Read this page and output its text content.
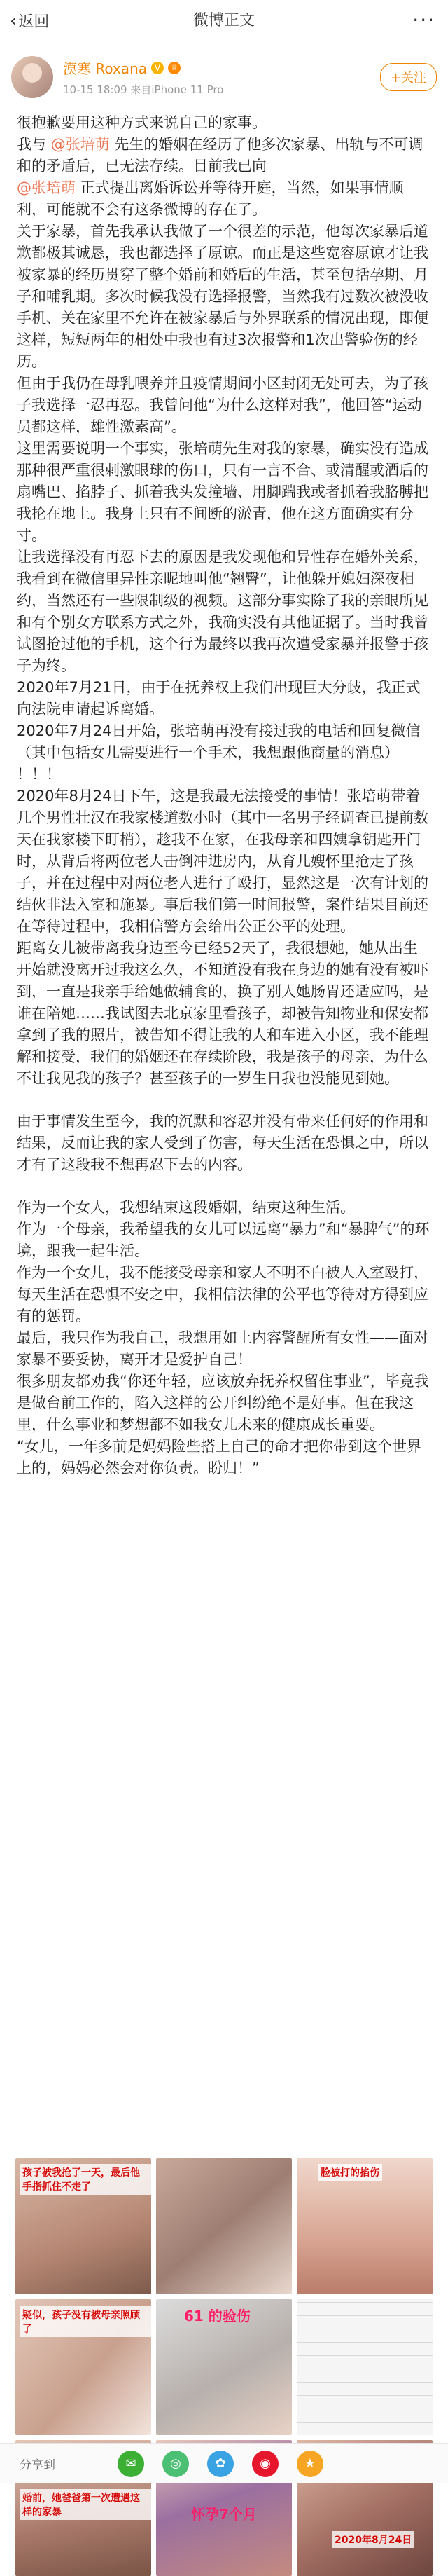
‹ 返回	微博正文	···
漠寒 Roxana V	♕
10-15 18:09 来自iPhone 11 Pro
+关注

很抱歉要用这种方式来说自己的家事。

我与 @张培萌 先生的婚姻在经历了他多次家暴、出轨与不可调和的矛盾后，已无法存续。目前我已向

@张培萌 正式提出离婚诉讼并等待开庭，当然，如果事情顺利，可能就不会有这条微博的存在了。

关于家暴，首先我承认我做了一个很差的示范，他每次家暴后道歉都极其诚恳，我也都选择了原谅。而正是这些宽容原谅才让我被家暴的经历贯穿了整个婚前和婚后的生活，甚至包括孕期、月子和哺乳期。多次时候我没有选择报警，当然我有过数次被没收手机、关在家里不允许在被家暴后与外界联系的情况出现，即便这样，短短两年的相处中我也有过3次报警和1次出警验伤的经历。

但由于我仍在母乳喂养并且疫情期间小区封闭无处可去，为了孩子我选择一忍再忍。我曾问他“为什么这样对我”，他回答“运动员都这样，雄性激素高”。

这里需要说明一个事实，张培萌先生对我的家暴，确实没有造成那种很严重很刺激眼球的伤口，只有一言不合、或清醒或酒后的扇嘴巴、掐脖子、抓着我头发撞墙、用脚踹我或者抓着我胳膊把我抡在地上。我身上只有不间断的淤青，他在这方面确实有分寸。

让我选择没有再忍下去的原因是我发现他和异性存在婚外关系，我看到在微信里异性亲昵地叫他“翘臀”，让他躲开媳妇深夜相约，当然还有一些限制级的视频。这部分事实除了我的亲眼所见和有个别女方联系方式之外，我确实没有其他证据了。当时我曾试图抢过他的手机，这个行为最终以我再次遭受家暴并报警于孩子为终。

2020年7月21日，由于在抚养权上我们出现巨大分歧，我正式向法院申请起诉离婚。

2020年7月24日开始，张培萌再没有接过我的电话和回复微信（其中包括女儿需要进行一个手术，我想跟他商量的消息）

！！！

2020年8月24日下午，这是我最无法接受的事情！张培萌带着几个男性壮汉在我家楼道数小时（其中一名男子经调查已提前数天在我家楼下盯梢），趁我不在家，在我母亲和四姨拿钥匙开门时，从背后将两位老人击倒冲进房内，从育儿嫂怀里抢走了孩子，并在过程中对两位老人进行了殴打，显然这是一次有计划的结伙非法入室和施暴。事后我们第一时间报警，案件结果目前还在等待过程中，我相信警方会给出公正公平的处理。

距离女儿被带离我身边至今已经52天了，我很想她，她从出生开始就没离开过我这么久，不知道没有我在身边的她有没有被吓到，一直是我亲手给她做辅食的，换了别人她肠胃还适应吗，是谁在陪她……我试图去北京家里看孩子，却被告知物业和保安都拿到了我的照片，被告知不得让我的人和车进入小区，我不能理解和接受，我们的婚姻还在存续阶段，我是孩子的母亲，为什么不让我见我的孩子？甚至孩子的一岁生日我也没能见到她。

由于事情发生至今，我的沉默和容忍并没有带来任何好的作用和结果，反而让我的家人受到了伤害，每天生活在恐惧之中，所以才有了这段我不想再忍下去的内容。

作为一个女人，我想结束这段婚姻，结束这种生活。

作为一个母亲，我希望我的女儿可以远离“暴力”和“暴脾气”的环境，跟我一起生活。

作为一个女儿，我不能接受母亲和家人不明不白被人入室殴打，每天生活在恐惧不安之中，我相信法律的公平也等待对方得到应有的惩罚。

最后，我只作为我自己，我想用如上内容警醒所有女性——面对家暴不要妥协，离开才是爱护自己！

很多朋友都劝我“你还年轻，应该放弃抚养权留住事业”，毕竟我是做台前工作的，陷入这样的公开纠纷绝不是好事。但在我这里，什么事业和梦想都不如我女儿未来的健康成长重要。

“女儿，一年多前是妈妈险些搭上自己的命才把你带到这个世界上的，妈妈必然会对你负责。盼归！”

孩子被我抢了一天，最后他手指抓住不走了
脸被打的掐伤
疑似，孩子没有被母亲照顾了
61 的验伤
婚前，她爸爸第一次遭遇这样的家暴	怀孕7个月
2020年8月24日
分享到	✉	◎	✿	◉	★
